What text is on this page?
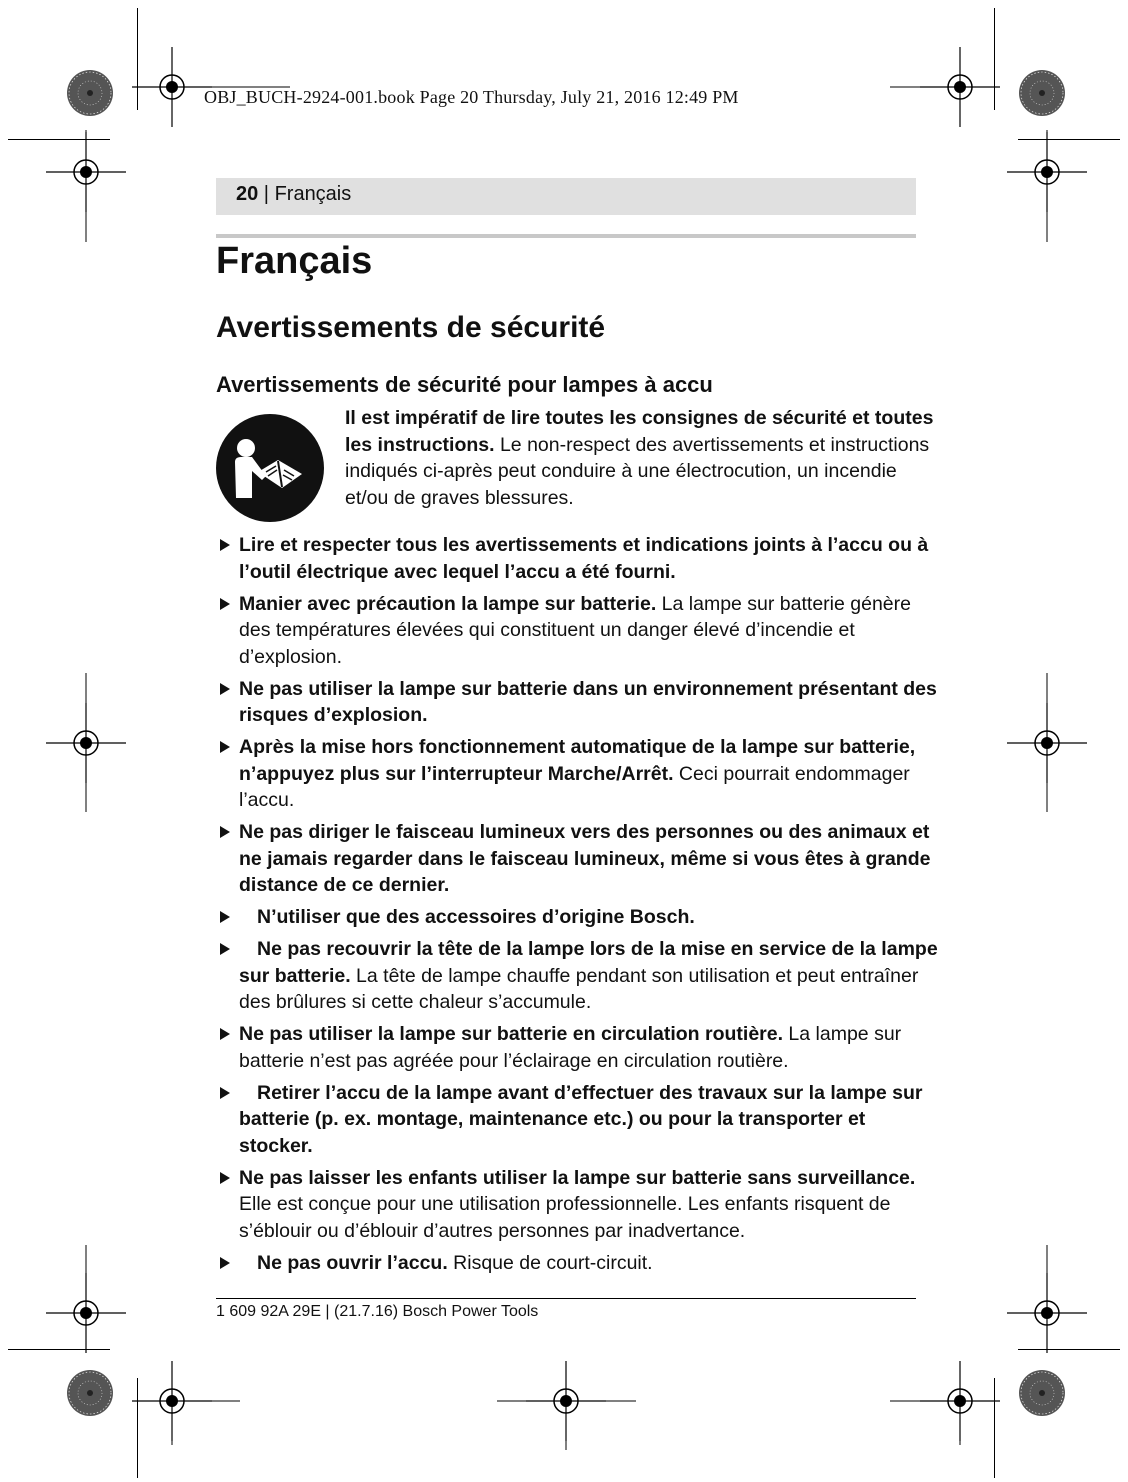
OBJ_BUCH-2924-001.book Page 20 Thursday, July 21, 2016 12:49 PM
20 | Français
Français
Avertissements de sécurité
Avertissements de sécurité pour lampes à accu
Il est impératif de lire toutes les consignes de sécurité et toutes les instructions. Le non-respect des avertissements et instructions indiqués ci-après peut conduire à une électrocution, un incendie et/ou de graves blessures.
Lire et respecter tous les avertissements et indications joints à l’accu ou à l’outil électrique avec lequel l’accu a été fourni.
Manier avec précaution la lampe sur batterie. La lampe sur batterie génère des températures élevées qui constituent un danger élevé d’incendie et d’explosion.
Ne pas utiliser la lampe sur batterie dans un environnement présentant des risques d’explosion.
Après la mise hors fonctionnement automatique de la lampe sur batterie, n’appuyez plus sur l’interrupteur Marche/Arrêt. Ceci pourrait endommager l’accu.
Ne pas diriger le faisceau lumineux vers des personnes ou des animaux et ne jamais regarder dans le faisceau lumineux, même si vous êtes à grande distance de ce dernier.
N’utiliser que des accessoires d’origine Bosch.
Ne pas recouvrir la tête de la lampe lors de la mise en service de la lampe sur batterie. La tête de lampe chauffe pendant son utilisation et peut entraîner des brûlures si cette chaleur s’accumule.
Ne pas utiliser la lampe sur batterie en circulation routière. La lampe sur batterie n’est pas agréée pour l’éclairage en circulation routière.
Retirer l’accu de la lampe avant d’effectuer des travaux sur la lampe sur batterie (p. ex. montage, maintenance etc.) ou pour la transporter et stocker.
Ne pas laisser les enfants utiliser la lampe sur batterie sans surveillance. Elle est conçue pour une utilisation professionnelle. Les enfants risquent de s’éblouir ou d’éblouir d’autres personnes par inadvertance.
Ne pas ouvrir l’accu. Risque de court-circuit.
1 609 92A 29E | (21.7.16) Bosch Power Tools
